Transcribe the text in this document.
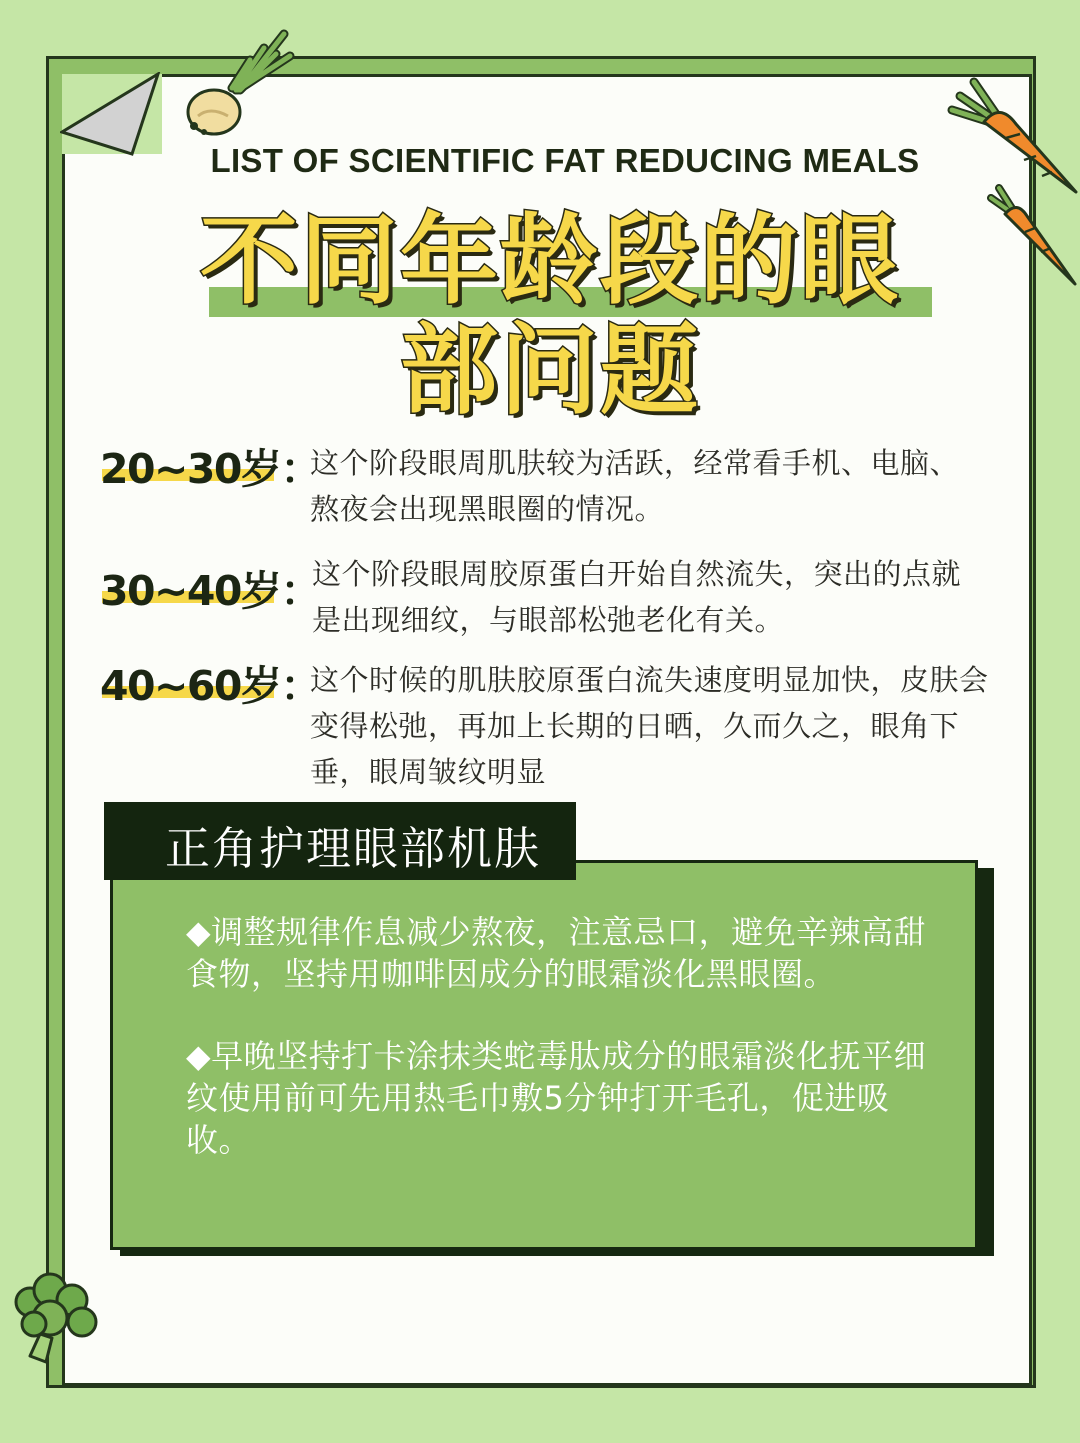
LIST OF SCIENTIFIC FAT REDUCING MEALS
不同年龄段的眼
部问题
20~30岁：
这个阶段眼周肌肤较为活跃，经常看手机、电脑、熬夜会出现黑眼圈的情况。
30~40岁：
这个阶段眼周胶原蛋白开始自然流失，突出的点就是出现细纹，与眼部松弛老化有关。
40~60岁：
这个时候的肌肤胶原蛋白流失速度明显加快，皮肤会变得松弛，再加上长期的日晒，久而久之，眼角下垂，眼周皱纹明显
正角护理眼部机肤
◆调整规律作息减少熬夜，注意忌口，避免辛辣高甜食物，坚持用咖啡因成分的眼霜淡化黑眼圈。
◆早晚坚持打卡涂抹类蛇毒肽成分的眼霜淡化抚平细纹使用前可先用热毛巾敷5分钟打开毛孔，促进吸收。
